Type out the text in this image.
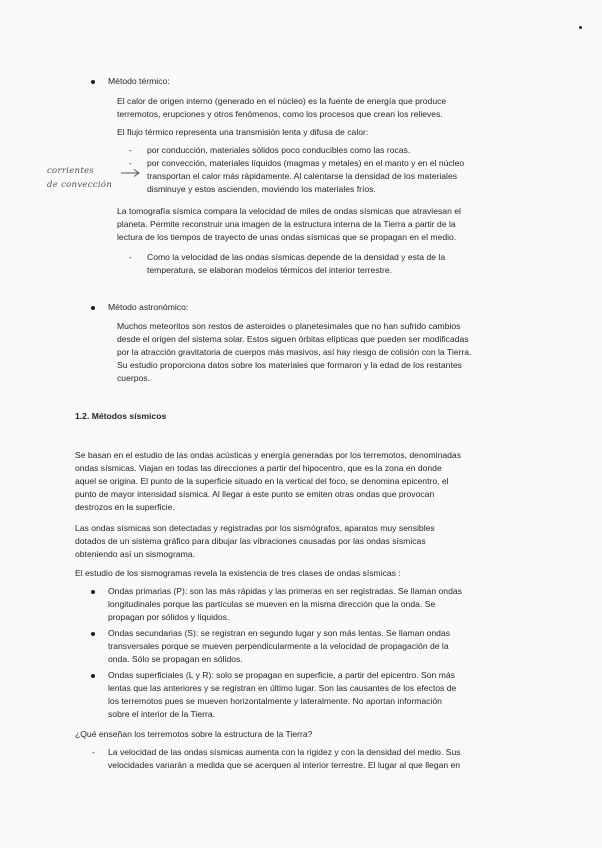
Método térmico:

El calor de origen interno (generado en el núcleo) es la fuente de energía que produce

terremotos, erupciones y otros fenómenos, como los procesos que crean los relieves.

El flujo térmico representa una transmisión lenta y difusa de calor:

- por conducción, materiales sólidos poco conducibles como las rocas.

- por convección, materiales líquidos (magmas y metales) en el manto y en el núcleo

transportan el calor más rápidamente. Al calentarse la densidad de los materiales

disminuye y estos ascienden, moviendo los materiales fríos.

corrientes
de convección

La tomografía sísmica compara la velocidad de miles de ondas sísmicas que atraviesan el

planeta. Permite reconstruir una imagen de la estructura interna de la Tierra a partir de la

lectura de los tiempos de trayecto de unas ondas sísmicas que se propagan en el medio.

- Como la velocidad de las ondas sísmicas depende de la densidad y esta de la

temperatura, se elaboran modelos térmicos del interior terrestre.

Método astronómico:

Muchos meteoritos son restos de asteroides o planetesimales que no han sufrido cambios

desde el origen del sistema solar. Estos siguen órbitas elípticas que pueden ser modificadas

por la atracción gravitatoria de cuerpos más masivos, así hay riesgo de colisión con la Tierra.

Su estudio proporciona datos sobre los materiales que formaron y la edad de los restantes

cuerpos.

1.2. Métodos sísmicos

Se basan en el estudio de las ondas acústicas y energía generadas por los terremotos, denominadas

ondas sísmicas. Viajan en todas las direcciones a partir del hipocentro, que es la zona en donde

aquel se origina. El punto de la superficie situado en la vertical del foco, se denomina epicentro, el

punto de mayor intensidad sísmica. Al llegar a este punto se emiten otras ondas que provocan

destrozos en la superficie.

Las ondas sísmicas son detectadas y registradas por los sismógrafos, aparatos muy sensibles

dotados de un sistema gráfico para dibujar las vibraciones causadas por las ondas sísmicas

obteniendo así un sismograma.

El estudio de los sismogramas revela la existencia de tres clases de ondas sísmicas :

Ondas primarias (P): son las más rápidas y las primeras en ser registradas. Se llaman ondas

longitudinales porque las partículas se mueven en la misma dirección que la onda. Se

propagan por sólidos y líquidos.

Ondas secundarias (S): se registran en segundo lugar y son más lentas. Se llaman ondas

transversales porque se mueven perpendicularmente a la velocidad de propagación de la

onda. Sólo se propagan en sólidos.

Ondas superficiales (L y R): solo se propagan en superficie, a partir del epicentro. Son más

lentas que las anteriores y se registran en último lugar. Son las causantes de los efectos de

los terremotos pues se mueven horizontalmente y lateralmente. No aportan información

sobre el interior de la Tierra.

¿Qué enseñan los terremotos sobre la estructura de la Tierra?

- La velocidad de las ondas sísmicas aumenta con la rigidez y con la densidad del medio. Sus

velocidades variarán a medida que se acerquen al interior terrestre. El lugar al que llegan en
